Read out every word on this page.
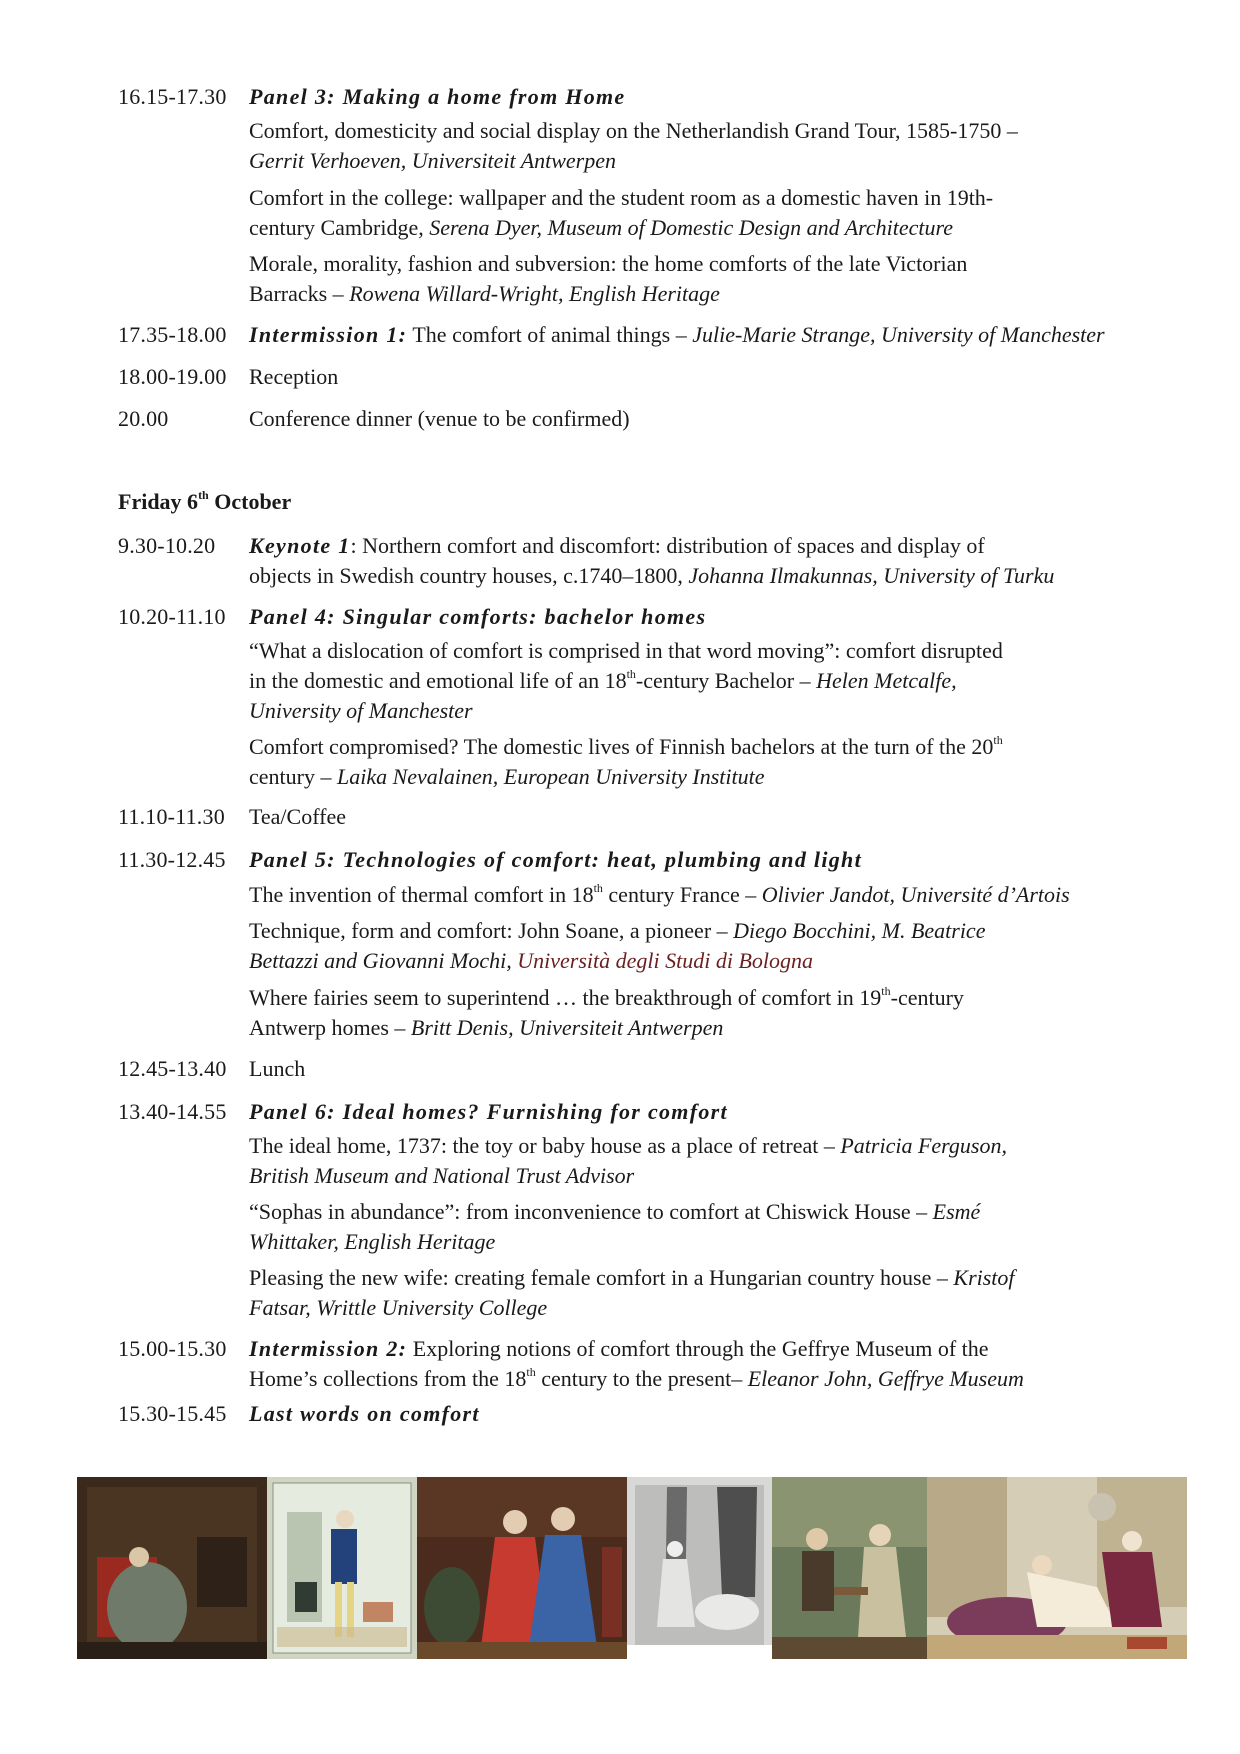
16.15-17.30	Panel 3: Making a home from Home

Comfort, domesticity and social display on the Netherlandish Grand Tour, 1585-1750 –

Gerrit Verhoeven, Universiteit Antwerpen

Comfort in the college: wallpaper and the student room as a domestic haven in 19th-

century Cambridge, Serena Dyer, Museum of Domestic Design and Architecture

Morale, morality, fashion and subversion: the home comforts of the late Victorian

Barracks – Rowena Willard-Wright, English Heritage

17.35-18.00	Intermission 1: The comfort of animal things – Julie-Marie Strange, University of Manchester
18.00-19.00	Reception
20.00	Conference dinner (venue to be confirmed)
Friday 6th October
9.30-10.20	Keynote 1: Northern comfort and discomfort: distribution of spaces and display of
objects in Swedish country houses, c.1740–1800, Johanna Ilmakunnas, University of Turku
10.20-11.10	Panel 4: Singular comforts: bachelor homes

“What a dislocation of comfort is comprised in that word moving”: comfort disrupted

in the domestic and emotional life of an 18th-century Bachelor – Helen Metcalfe,

University of Manchester

Comfort compromised? The domestic lives of Finnish bachelors at the turn of the 20th

century – Laika Nevalainen, European University Institute

11.10-11.30	Tea/Coffee
11.30-12.45	Panel 5: Technologies of comfort: heat, plumbing and light

The invention of thermal comfort in 18th century France – Olivier Jandot, Université d’Artois

Technique, form and comfort: John Soane, a pioneer – Diego Bocchini, M. Beatrice

Bettazzi and Giovanni Mochi, Università degli Studi di Bologna

Where fairies seem to superintend … the breakthrough of comfort in 19th-century

Antwerp homes – Britt Denis, Universiteit Antwerpen

12.45-13.40	Lunch
13.40-14.55	Panel 6: Ideal homes? Furnishing for comfort

The ideal home, 1737: the toy or baby house as a place of retreat – Patricia Ferguson,

British Museum and National Trust Advisor

“Sophas in abundance”: from inconvenience to comfort at Chiswick House – Esmé

Whittaker, English Heritage

Pleasing the new wife: creating female comfort in a Hungarian country house – Kristof

Fatsar, Writtle University College

15.00-15.30	Intermission 2: Exploring notions of comfort through the Geffrye Museum of the
Home’s collections from the 18th century to the present– Eleanor John, Geffrye Museum
15.30-15.45	Last words on comfort
